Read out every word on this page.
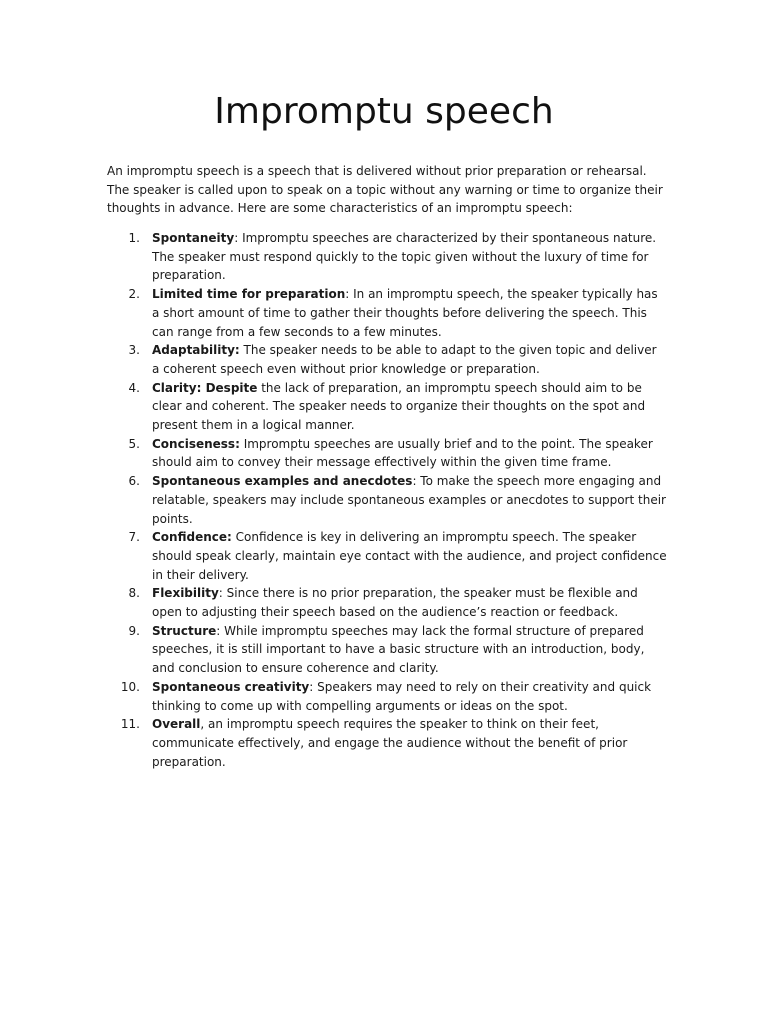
Impromptu speech

An impromptu speech is a speech that is delivered without prior preparation or rehearsal. The speaker is called upon to speak on a topic without any warning or time to organize their thoughts in advance. Here are some characteristics of an impromptu speech:

1. Spontaneity: Impromptu speeches are characterized by their spontaneous nature. The speaker must respond quickly to the topic given without the luxury of time for preparation.
2. Limited time for preparation: In an impromptu speech, the speaker typically has a short amount of time to gather their thoughts before delivering the speech. This can range from a few seconds to a few minutes.
3. Adaptability: The speaker needs to be able to adapt to the given topic and deliver a coherent speech even without prior knowledge or preparation.
4. Clarity: Despite the lack of preparation, an impromptu speech should aim to be clear and coherent. The speaker needs to organize their thoughts on the spot and present them in a logical manner.
5. Conciseness: Impromptu speeches are usually brief and to the point. The speaker should aim to convey their message effectively within the given time frame.
6. Spontaneous examples and anecdotes: To make the speech more engaging and relatable, speakers may include spontaneous examples or anecdotes to support their points.
7. Confidence: Confidence is key in delivering an impromptu speech. The speaker should speak clearly, maintain eye contact with the audience, and project confidence in their delivery.
8. Flexibility: Since there is no prior preparation, the speaker must be flexible and open to adjusting their speech based on the audience’s reaction or feedback.
9. Structure: While impromptu speeches may lack the formal structure of prepared speeches, it is still important to have a basic structure with an introduction, body, and conclusion to ensure coherence and clarity.
10. Spontaneous creativity: Speakers may need to rely on their creativity and quick thinking to come up with compelling arguments or ideas on the spot.
11. Overall, an impromptu speech requires the speaker to think on their feet, communicate effectively, and engage the audience without the benefit of prior preparation.
